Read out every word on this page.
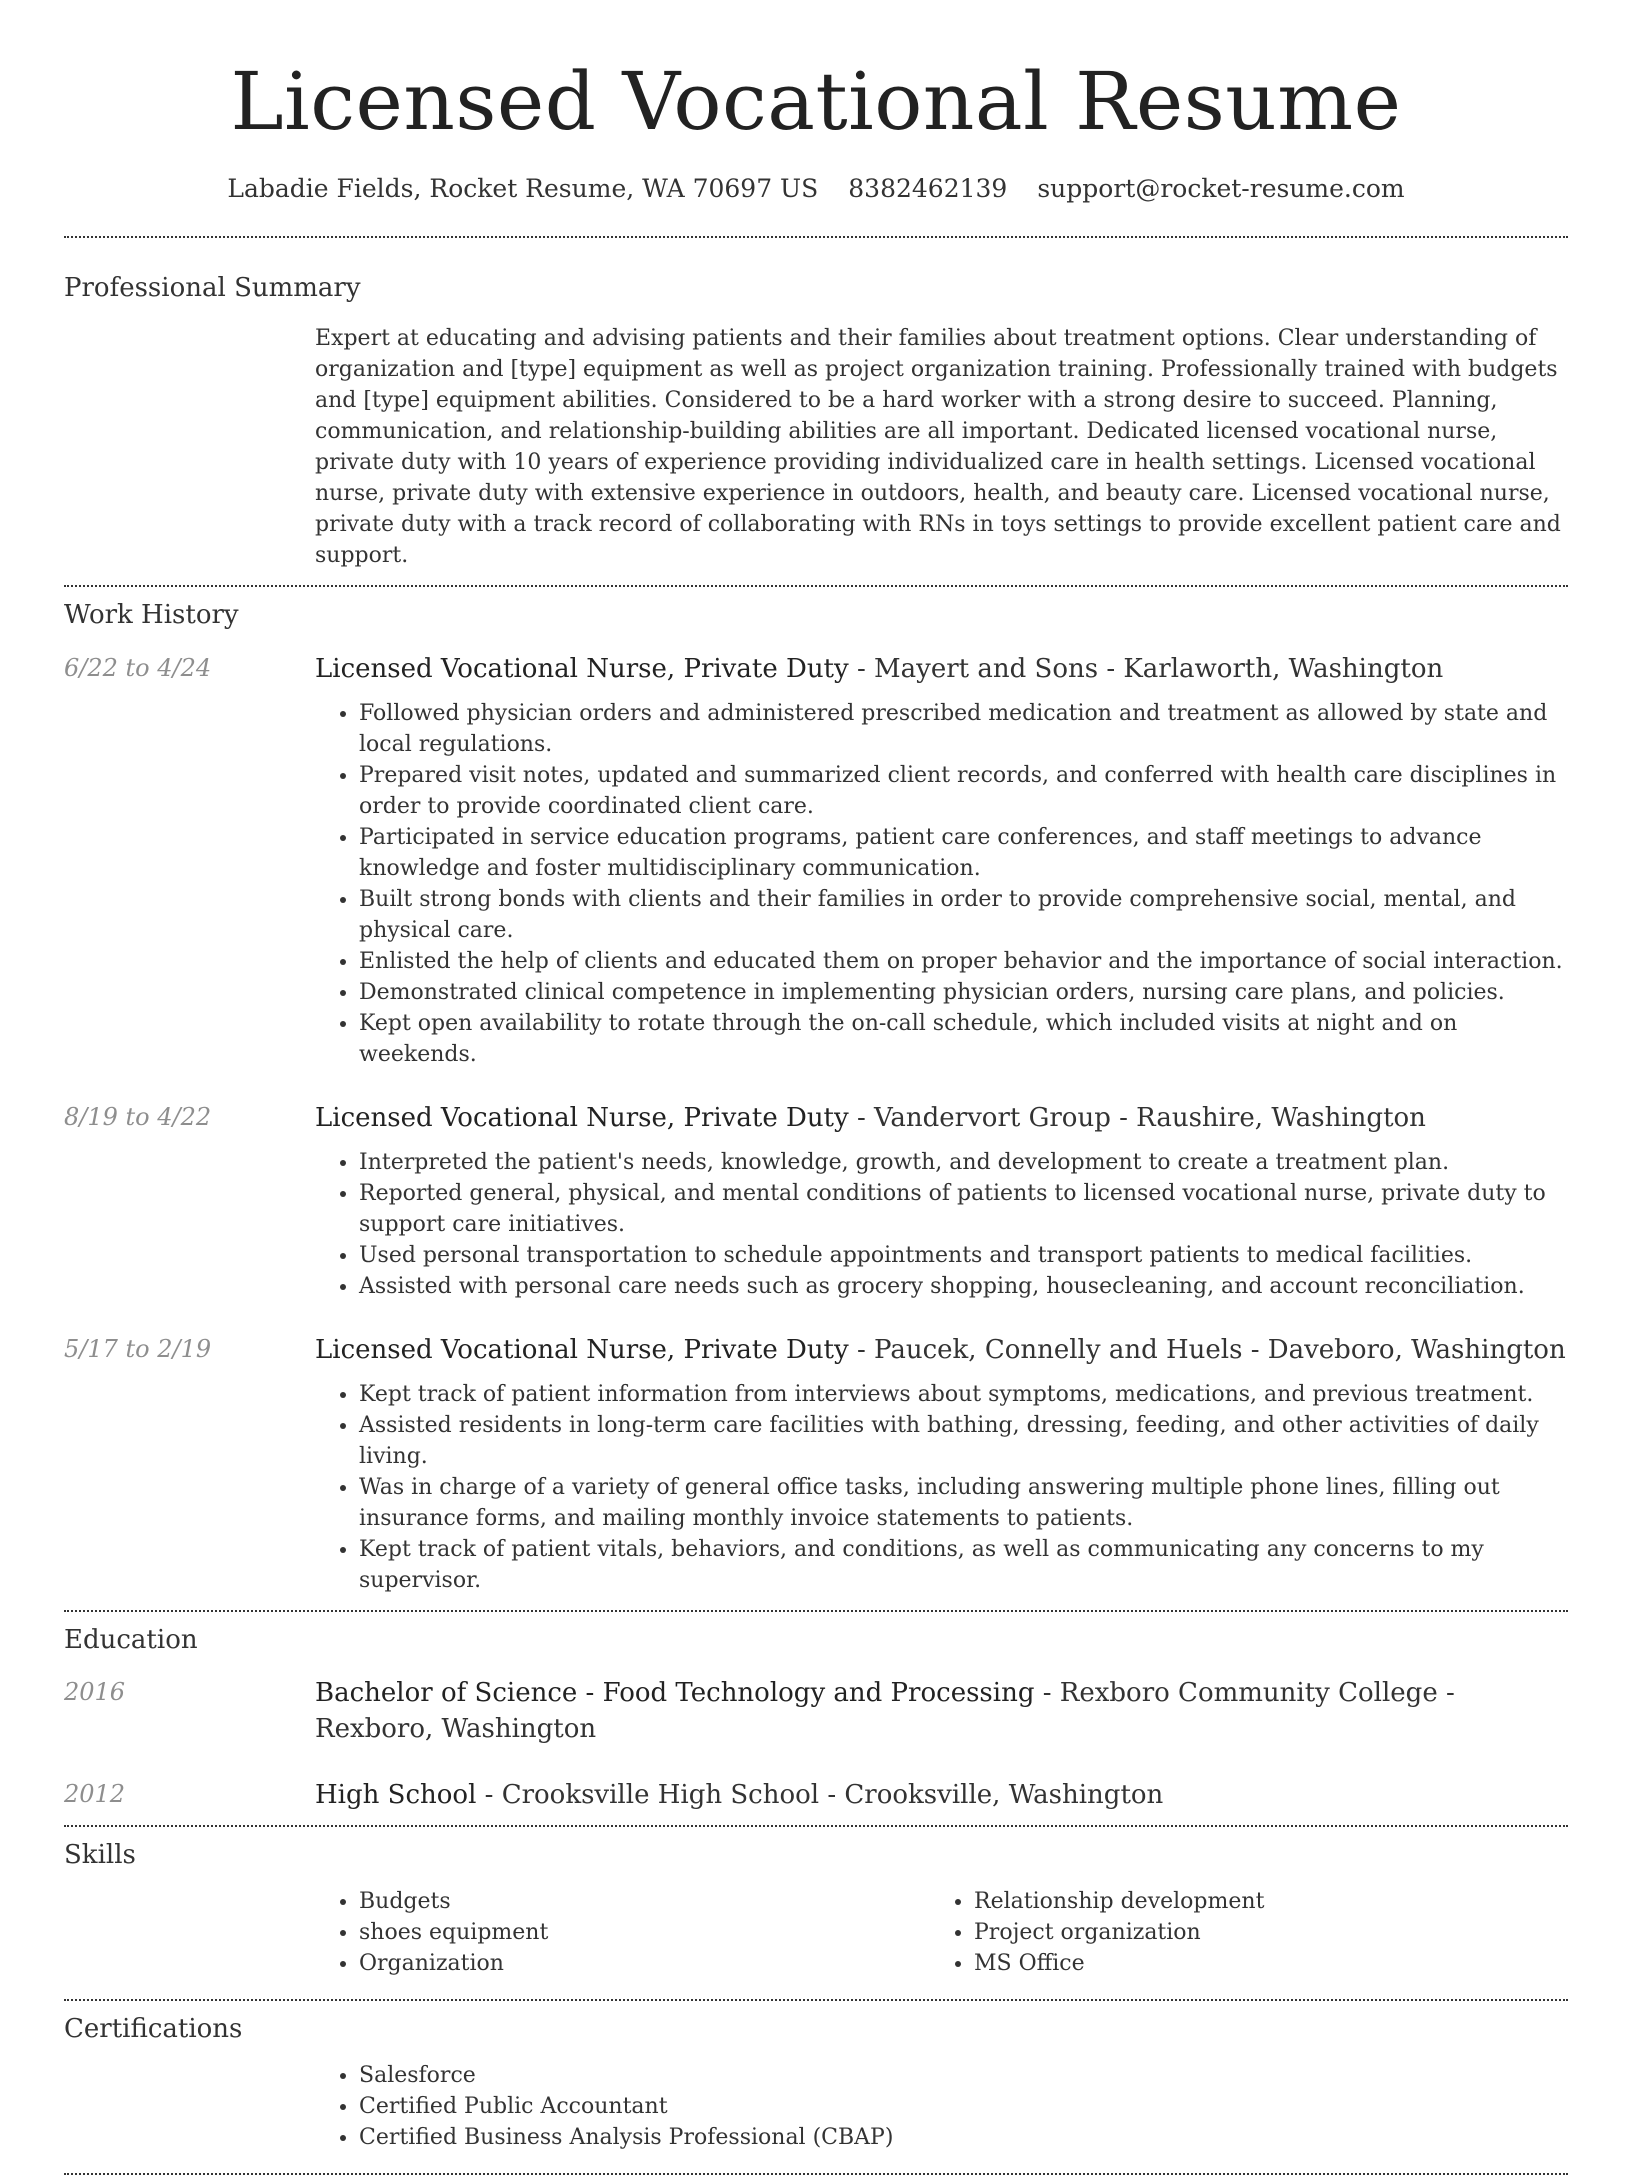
Licensed Vocational Resume
Labadie Fields, Rocket Resume, WA 70697 US 8382462139 support@rocket-resume.com
Professional Summary

Expert at educating and advising patients and their families about treatment options. Clear understanding of organization and [type] equipment as well as project organization training. Professionally trained with budgets and [type] equipment abilities. Considered to be a hard worker with a strong desire to succeed. Planning, communication, and relationship-building abilities are all important. Dedicated licensed vocational nurse, private duty with 10 years of experience providing individualized care in health settings. Licensed vocational nurse, private duty with extensive experience in outdoors, health, and beauty care. Licensed vocational nurse, private duty with a track record of collaborating with RNs in toys settings to provide excellent patient care and support.

Work History
6/22 to 4/24	Licensed Vocational Nurse, Private Duty - Mayert and Sons - Karlaworth, Washington
• Followed physician orders and administered prescribed medication and treatment as allowed by state and local regulations.
• Prepared visit notes, updated and summarized client records, and conferred with health care disciplines in order to provide coordinated client care.
• Participated in service education programs, patient care conferences, and staff meetings to advance knowledge and foster multidisciplinary communication.
• Built strong bonds with clients and their families in order to provide comprehensive social, mental, and physical care.
• Enlisted the help of clients and educated them on proper behavior and the importance of social interaction.
• Demonstrated clinical competence in implementing physician orders, nursing care plans, and policies.
• Kept open availability to rotate through the on-call schedule, which included visits at night and on weekends.
8/19 to 4/22	Licensed Vocational Nurse, Private Duty - Vandervort Group - Raushire, Washington
• Interpreted the patient's needs, knowledge, growth, and development to create a treatment plan.
• Reported general, physical, and mental conditions of patients to licensed vocational nurse, private duty to support care initiatives.
• Used personal transportation to schedule appointments and transport patients to medical facilities.
• Assisted with personal care needs such as grocery shopping, housecleaning, and account reconciliation.
5/17 to 2/19	Licensed Vocational Nurse, Private Duty - Paucek, Connelly and Huels - Daveboro, Washington
• Kept track of patient information from interviews about symptoms, medications, and previous treatment.
• Assisted residents in long-term care facilities with bathing, dressing, feeding, and other activities of daily living.
• Was in charge of a variety of general office tasks, including answering multiple phone lines, filling out insurance forms, and mailing monthly invoice statements to patients.
• Kept track of patient vitals, behaviors, and conditions, as well as communicating any concerns to my supervisor.
Education
2016	Bachelor of Science - Food Technology and Processing - Rexboro Community College - Rexboro, Washington
2012	High School - Crooksville High School - Crooksville, Washington
Skills
• Budgets
• shoes equipment
• Organization
• Relationship development
• Project organization
• MS Office
Certifications
• Salesforce
• Certified Public Accountant
• Certified Business Analysis Professional (CBAP)
